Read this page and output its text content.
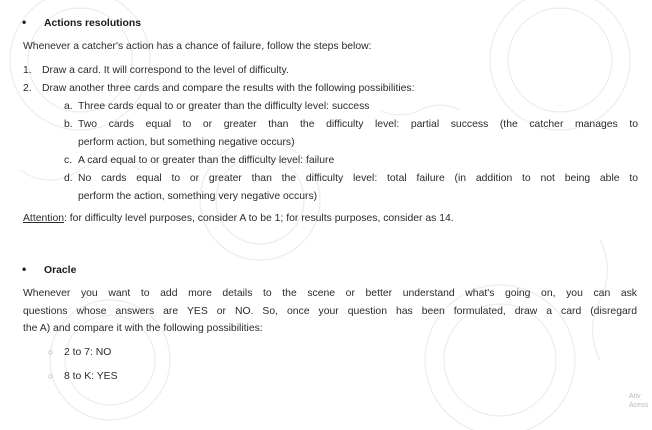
• Actions resolutions
Whenever a catcher's action has a chance of failure, follow the steps below:
1. Draw a card. It will correspond to the level of difficulty.
2. Draw another three cards and compare the results with the following possibilities:
a. Three cards equal to or greater than the difficulty level: success
b. Two cards equal to or greater than the difficulty level: partial success (the catcher manages to
perform action, but something negative occurs)
c. A card equal to or greater than the difficulty level: failure
d. No cards equal to or greater than the difficulty level: total failure (in addition to not being able to
perform the action, something very negative occurs)
Attention: for difficulty level purposes, consider A to be 1; for results purposes, consider as 14.
• Oracle
Whenever you want to add more details to the scene or better understand what's going on, you can ask
questions whose answers are YES or NO. So, once your question has been formulated, draw a card (disregard
the A) and compare it with the following possibilities:
○ 2 to 7: NO
○ 8 to K: YES
Ativ
Acess
